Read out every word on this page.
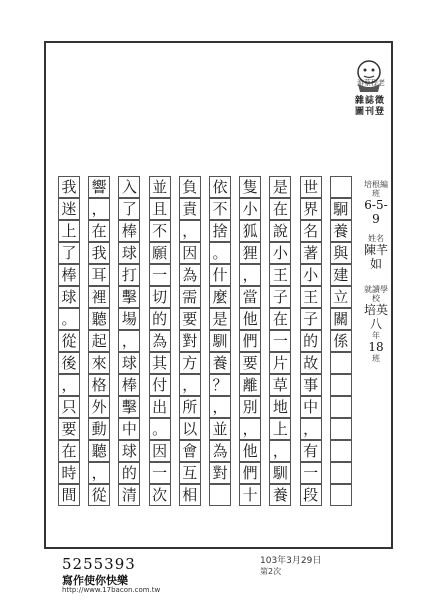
游蔡程老
雜誌徵圖刊登
駉
養
與
建
立
關
係
世
界
名
著
小
王
子
的
故
事
中
，
有
一
段
是
在
說
小
王
子
在
一
片
草
地
上
，
馴
養
隻
小
狐
狸
，
當
他
們
要
離
別
，
他
們
十
依
不
捨
。
什
麼
是
馴
養
？
，
並
為
對
負
責
，
因
為
需
要
對
方
，
所
以
會
互
相
並
且
不
願
一
切
的
為
其
付
出
。
因
一
次
入
了
棒
球
打
擊
場
，
球
棒
擊
中
球
的
清
響
，
在
我
耳
裡
聽
起
來
格
外
動
聽
，
從
我
迷
上
了
棒
球
。
從
後
，
只
要
在
時
間
培根編班
6-5-9
姓名
陳芊如
就讀學校
培英
八
年
18
班
5255393
寫作使你快樂
http://www.17bacon.com.tw
103年3月29日
第2次
